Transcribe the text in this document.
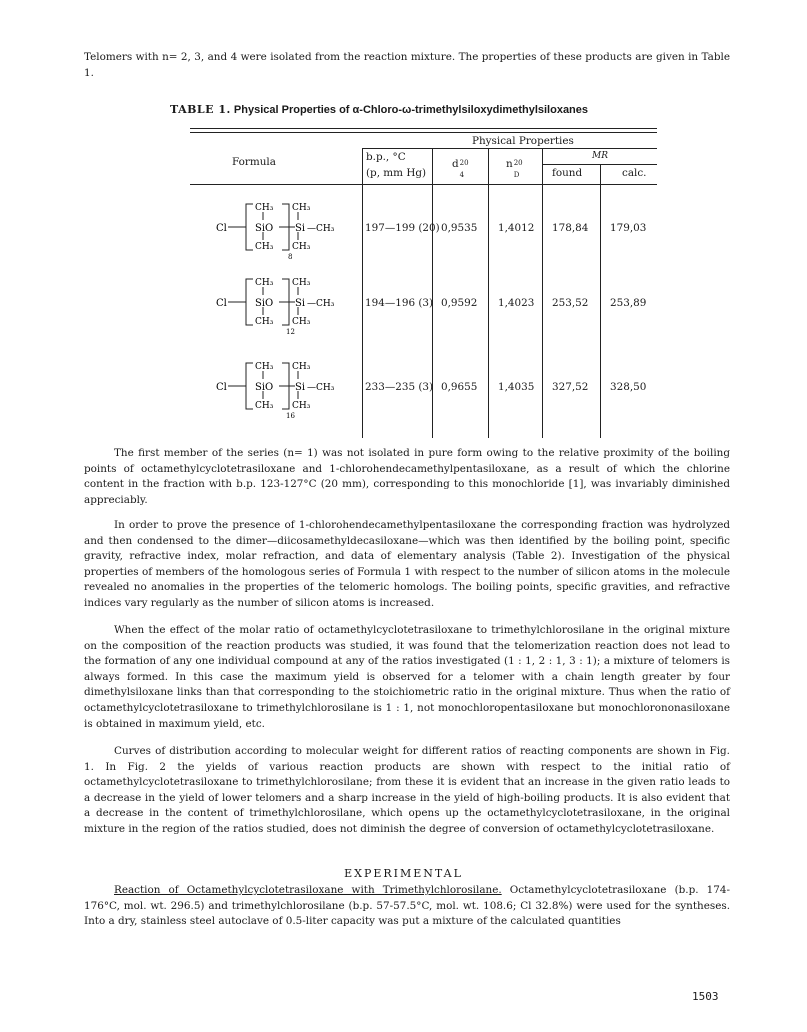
Telomers with n= 2, 3, and 4 were isolated from the reaction mixture. The properties of these products are given in Table 1.

TABLE 1. Physical Properties of α-Chloro-ω-trimethylsiloxydimethylsiloxanes
Formula
Physical Properties
b.p., °C
(p, mm Hg)
d 20
4
n 20
D
MR
found	calc.
Cl
CH₃
SiO
CH₃
8
CH₃
Si —CH₃
CH₃
197—199 (20) 0,9535 1,4012 178,84 179,03
Cl
CH₃
SiO
CH₃
12
CH₃
Si —CH₃
CH₃
194—196 (3) 0,9592 1,4023 253,52 253,89
Cl
CH₃
SiO
CH₃
16
CH₃
Si —CH₃
CH₃
233—235 (3) 0,9655 1,4035 327,52 328,50

The first member of the series (n= 1) was not isolated in pure form owing to the relative proximity of the boiling points of octamethylcyclotetrasiloxane and 1-chlorohendecamethylpentasiloxane, as a result of which the chlorine content in the fraction with b.p. 123-127°C (20 mm), corresponding to this monochloride [1], was invariably diminished appreciably.

In order to prove the presence of 1-chlorohendecamethylpentasiloxane the corresponding fraction was hydrolyzed and then condensed to the dimer—diicosamethyldecasiloxane—which was then identified by the boiling point, specific gravity, refractive index, molar refraction, and data of elementary analysis (Table 2). Investigation of the physical properties of members of the homologous series of Formula 1 with respect to the number of silicon atoms in the molecule revealed no anomalies in the properties of the telomeric homologs. The boiling points, specific gravities, and refractive indices vary regularly as the number of silicon atoms is increased.

When the effect of the molar ratio of octamethylcyclotetrasiloxane to trimethylchlorosilane in the original mixture on the composition of the reaction products was studied, it was found that the telomerization reaction does not lead to the formation of any one individual compound at any of the ratios investigated (1 : 1, 2 : 1, 3 : 1); a mixture of telomers is always formed. In this case the maximum yield is observed for a telomer with a chain length greater by four dimethylsiloxane links than that corresponding to the stoichiometric ratio in the original mixture. Thus when the ratio of octamethylcyclotetrasiloxane to trimethylchlorosilane is 1 : 1, not monochloropentasiloxane but monochlorononasiloxane is obtained in maximum yield, etc.

Curves of distribution according to molecular weight for different ratios of reacting components are shown in Fig. 1. In Fig. 2 the yields of various reaction products are shown with respect to the initial ratio of octamethylcyclotetrasiloxane to trimethylchlorosilane; from these it is evident that an increase in the given ratio leads to a decrease in the yield of lower telomers and a sharp increase in the yield of high-boiling products. It is also evident that a decrease in the content of trimethylchlorosilane, which opens up the octamethylcyclotetrasiloxane, in the original mixture in the region of the ratios studied, does not diminish the degree of conversion of octamethylcyclotetrasiloxane.

EXPERIMENTAL

Reaction of Octamethylcyclotetrasiloxane with Trimethylchlorosilane. Octamethylcyclotetrasiloxane (b.p. 174-176°C, mol. wt. 296.5) and trimethylchlorosilane (b.p. 57-57.5°C, mol. wt. 108.6; Cl 32.8%) were used for the syntheses. Into a dry, stainless steel autoclave of 0.5-liter capacity was put a mixture of the calculated quantities

1503
